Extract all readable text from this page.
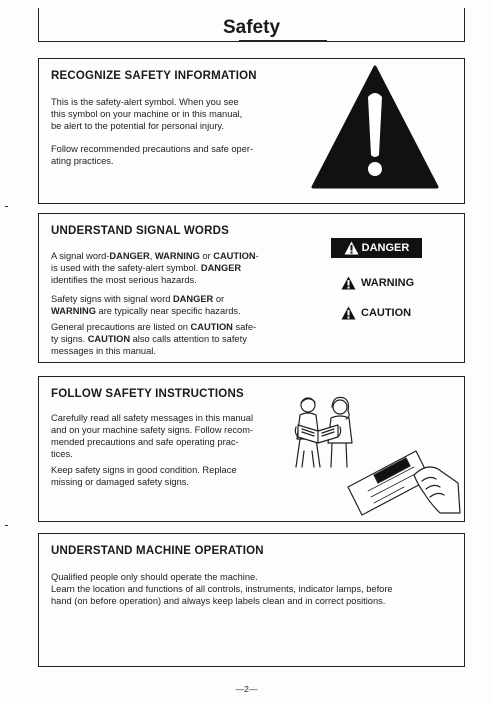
Safety

RECOGNIZE SAFETY INFORMATION

This is the safety-alert symbol. When you see
this symbol on your machine or in this manual,
be alert to the potential for personal injury.

Follow recommended precautions and safe oper-
ating practices.

UNDERSTAND SIGNAL WORDS

A signal word-DANGER, WARNING or CAUTION-
is used with the safety-alert symbol. DANGER
identifies the most serious hazards.

Safety signs with signal word DANGER or
WARNING are typically near specific hazards.

General precautions are listed on CAUTION safe-
ty signs. CAUTION also calls attention to safety
messages in this manual.

DANGER
WARNING
CAUTION

FOLLOW SAFETY INSTRUCTIONS

Carefully read all safety messages in this manual
and on your machine safety signs. Follow recom-
mended precautions and safe operating prac-
tices.

Keep safety signs in good condition. Replace
missing or damaged safety signs.

UNDERSTAND MACHINE OPERATION

Qualified people only should operate the machine.
Learn the location and functions of all controls, instruments, indicator lamps, before
hand (on before operation) and always keep labels clean and in correct positions.

—2—
